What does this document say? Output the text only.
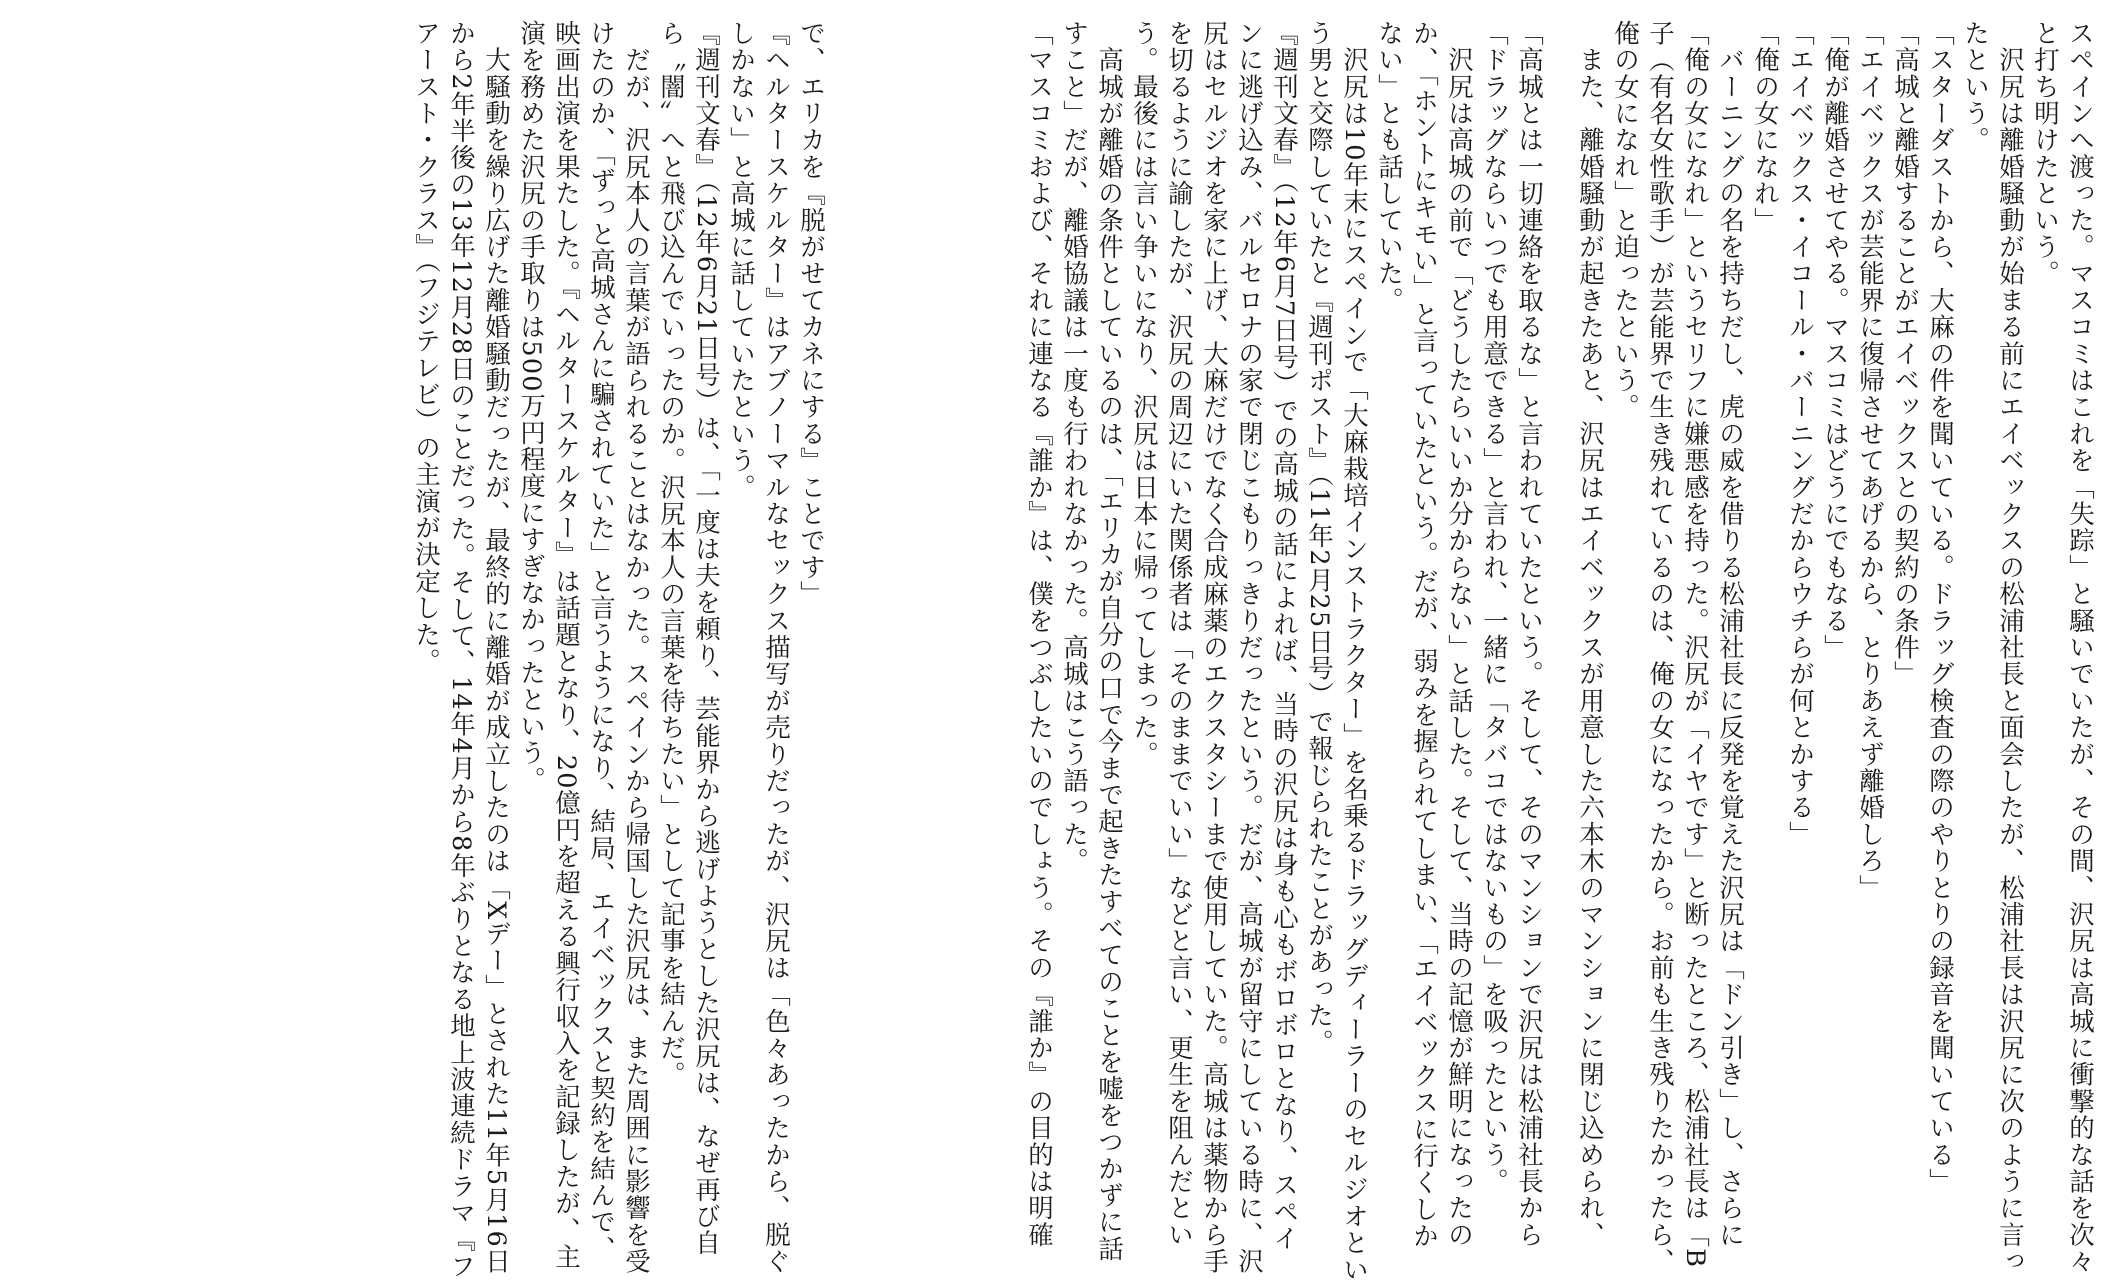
スペインへ渡った。マスコミはこれを「失踪」と騒いでいたが、その間、沢尻は高城に衝撃的な話を次々
と打ち明けたという。
　沢尻は離婚騒動が始まる前にエイベックスの松浦社長と面会したが、松浦社長は沢尻に次のように言っ
たという。
「スターダストから、大麻の件を聞いている。ドラッグ検査の際のやりとりの録音を聞いている」
「高城と離婚することがエイベックスとの契約の条件」
「エイベックスが芸能界に復帰させてあげるから、とりあえず離婚しろ」
「俺が離婚させてやる。マスコミはどうにでもなる」
「エイベックス・イコール・バーニングだからウチらが何とかする」
「俺の女になれ」
　バーニングの名を持ちだし、虎の威を借りる松浦社長に反発を覚えた沢尻は「ドン引き」し、さらに
「俺の女になれ」というセリフに嫌悪感を持った。沢尻が「イヤです」と断ったところ、松浦社長は「B
子（有名女性歌手）が芸能界で生き残れているのは、俺の女になったから。お前も生き残りたかったら、
俺の女になれ」と迫ったという。
　また、離婚騒動が起きたあと、沢尻はエイベックスが用意した六本木のマンションに閉じ込められ、
「高城とは一切連絡を取るな」と言われていたという。そして、そのマンションで沢尻は松浦社長から
「ドラッグならいつでも用意できる」と言われ、一緒に「タバコではないもの」を吸ったという。
　沢尻は高城の前で「どうしたらいいか分からない」と話した。そして、当時の記憶が鮮明になったの
か、「ホントにキモい」と言っていたという。だが、弱みを握られてしまい、「エイベックスに行くしか
ない」とも話していた。
　沢尻は10年末にスペインで「大麻栽培インストラクター」を名乗るドラッグディーラーのセルジオとい
う男と交際していたと『週刊ポスト』（11年2月25日号）で報じられたことがあった。
『週刊文春』（12年6月7日号）での高城の話によれば、当時の沢尻は身も心もボロボロとなり、スペイ
ンに逃げ込み、バルセロナの家で閉じこもりっきりだったという。だが、高城が留守にしている時に、沢
尻はセルジオを家に上げ、大麻だけでなく合成麻薬のエクスタシーまで使用していた。高城は薬物から手
を切るように諭したが、沢尻の周辺にいた関係者は「そのままでいい」などと言い、更生を阻んだとい
う。最後には言い争いになり、沢尻は日本に帰ってしまった。
　高城が離婚の条件としているのは、「エリカが自分の口で今まで起きたすべてのことを嘘をつかずに話
すこと」だが、離婚協議は一度も行われなかった。高城はこう語った。
「マスコミおよび、それに連なる『誰か』は、僕をつぶしたいのでしょう。その『誰か』の目的は明確
で、エリカを『脱がせてカネにする』ことです」
『ヘルタースケルター』はアブノーマルなセックス描写が売りだったが、沢尻は「色々あったから、脱ぐ
しかない」と高城に話していたという。
『週刊文春』（12年6月21日号）は、「一度は夫を頼り、芸能界から逃げようとした沢尻は、なぜ再び自
ら〝闇〟へと飛び込んでいったのか。沢尻本人の言葉を待ちたい」として記事を結んだ。
　だが、沢尻本人の言葉が語られることはなかった。スペインから帰国した沢尻は、また周囲に影響を受
けたのか、「ずっと高城さんに騙されていた」と言うようになり、結局、エイベックスと契約を結んで、
映画出演を果たした。『ヘルタースケルター』は話題となり、20億円を超える興行収入を記録したが、主
演を務めた沢尻の手取りは500万円程度にすぎなかったという。
　大騒動を繰り広げた離婚騒動だったが、最終的に離婚が成立したのは「Xデー」とされた11年5月16日
から2年半後の13年12月28日のことだった。そして、14年4月から8年ぶりとなる地上波連続ドラマ『フ
アースト・クラス』（フジテレビ）の主演が決定した。
